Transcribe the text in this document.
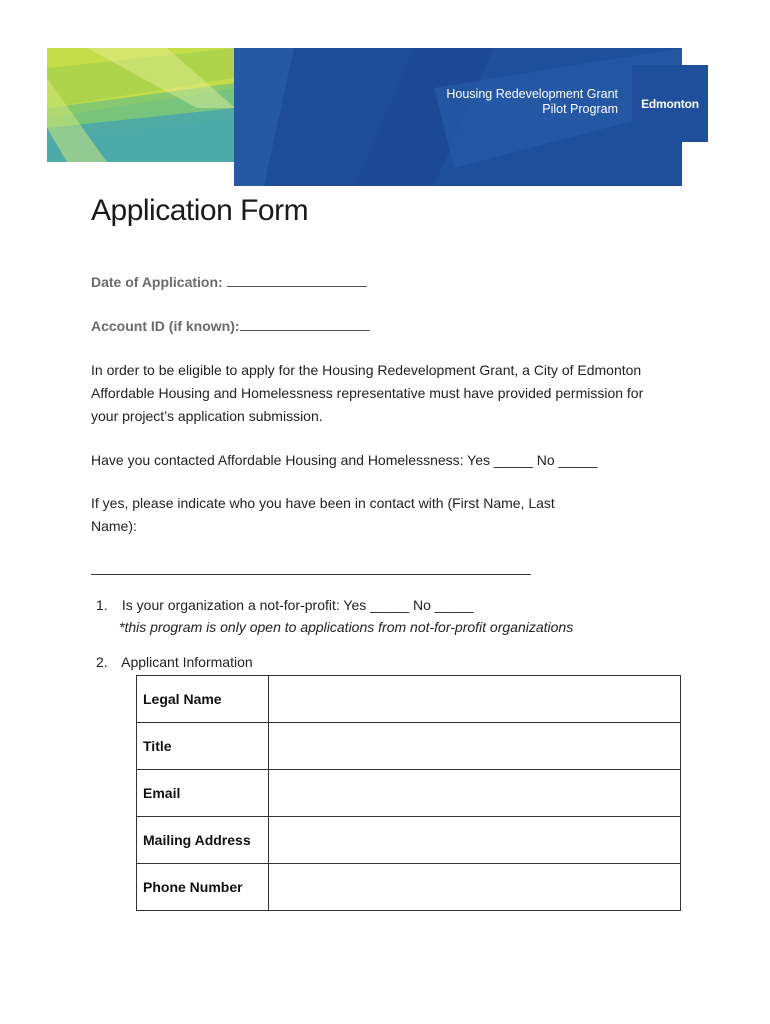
Housing Redevelopment Grant
Pilot Program	Edmonton
Application Form
Date of Application:
Account ID (if known):
In order to be eligible to apply for the Housing Redevelopment Grant, a City of Edmonton Affordable Housing and Homelessness representative must have provided permission for your project’s application submission.
Have you contacted Affordable Housing and Homelessness: Yes _____ No _____
If yes, please indicate who you have been in contact with (First Name, Last Name):
1. Is your organization a not-for-profit: Yes _____ No _____
*this program is only open to applications from not-for-profit organizations
2. Applicant Information
Legal Name	
Title	
Email	
Mailing Address	
Phone Number	
